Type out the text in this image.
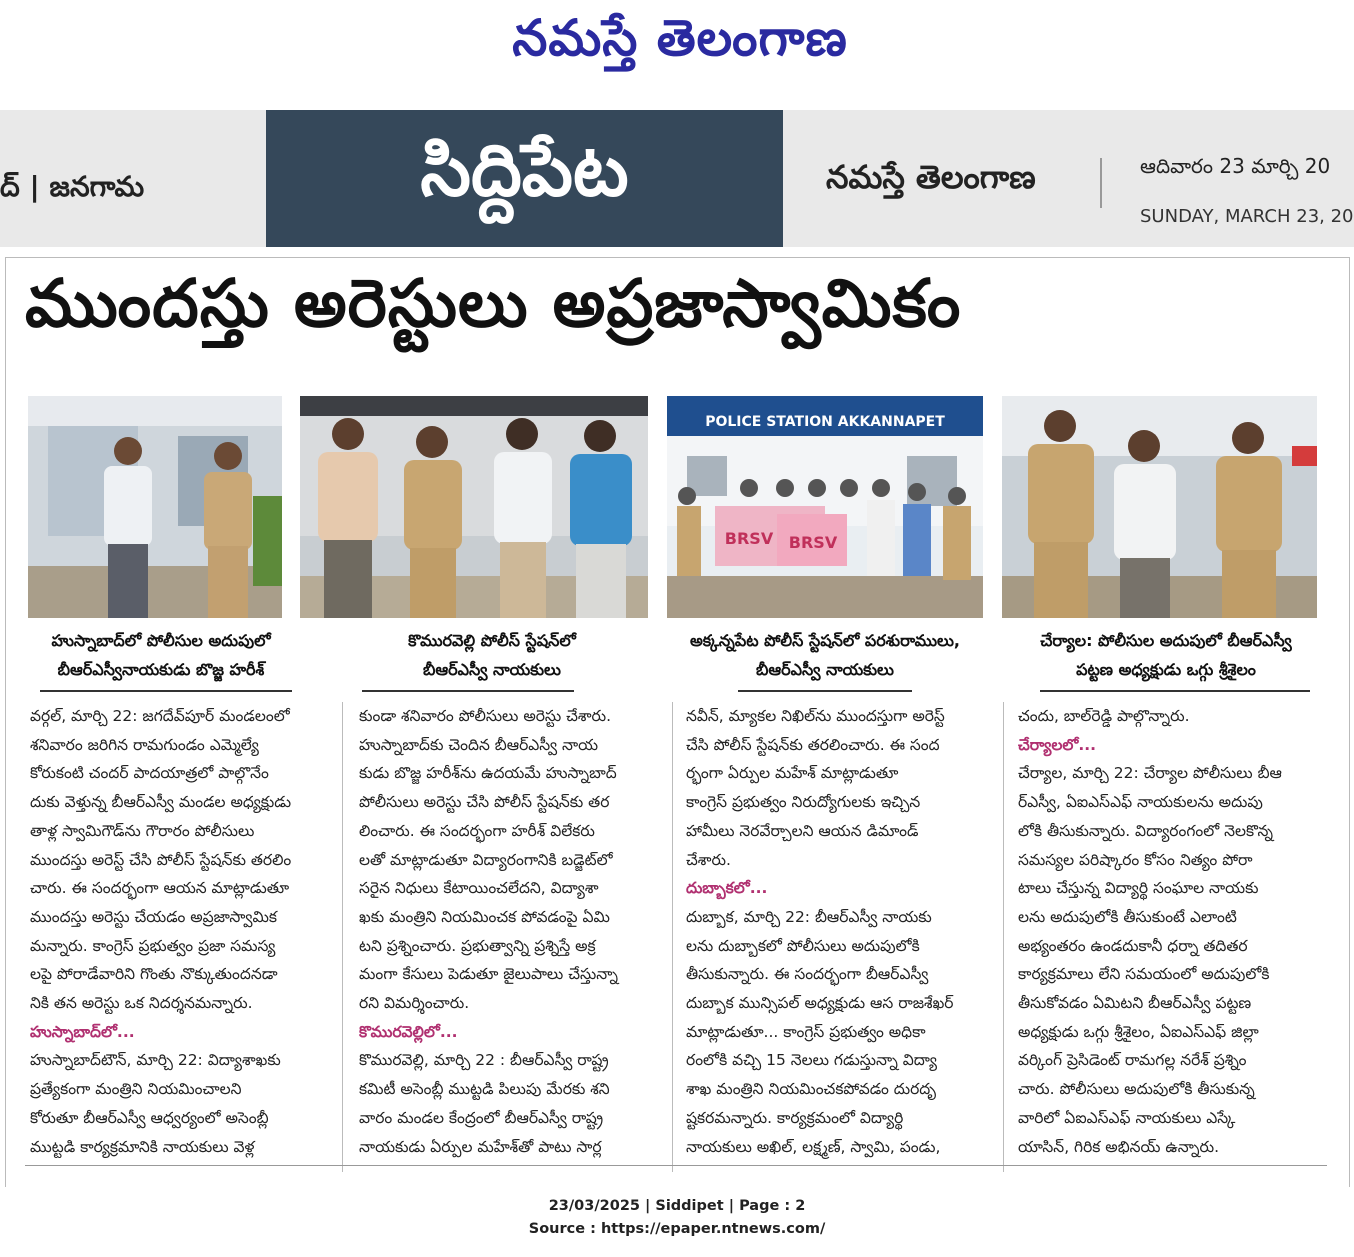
నమస్తే తెలంగాణ
ద్ | జనగామ	సిద్దిపేట	నమస్తే తెలంగాణ	ఆదివారం 23 మార్చి 20
SUNDAY, MARCH 23, 20
ముందస్తు అరెస్టులు అప్రజాస్వామికం
POLICE STATION AKKANNAPET
BRSV BRSV
హుస్నాబాద్‌లో పోలీసుల అదుపులో
బీఆర్‌ఎస్వీనాయకుడు బొజ్జ హరీశ్
కొమురవెల్లి పోలీస్ స్టేషన్‌లో
బీఆర్‌ఎస్వీ నాయకులు
అక్కన్నపేట పోలీస్ స్టేషన్‌లో పరశురాములు,
బీఆర్‌ఎస్వీ నాయకులు
చేర్యాల: పోలీసుల అదుపులో బీఆర్‌ఎస్వీ
పట్టణ అధ్యక్షుడు ఒగ్గు శ్రీశైలం

వర్గల్, మార్చి 22: జగదేవ్‌పూర్ మండలంలో

శనివారం జరిగిన రామగుండం ఎమ్మెల్యే

కోరుకంటి చందర్ పాదయాత్రలో పాల్గొనేం

దుకు వెళ్తున్న బీఆర్‌ఎస్వీ మండల అధ్యక్షుడు

తాళ్ల స్వామిగౌడ్‌ను గౌరారం పోలీసులు

ముందస్తు అరెస్ట్ చేసి పోలీస్ స్టేషన్‌కు తరలిం

చారు. ఈ సందర్భంగా ఆయన మాట్లాడుతూ

ముందస్తు అరెస్టు చేయడం అప్రజాస్వామిక

మన్నారు. కాంగ్రెస్ ప్రభుత్వం ప్రజా సమస్య

లపై పోరాడేవారిని గొంతు నొక్కుతుందనడా

నికి తన అరెస్టు ఒక నిదర్శనమన్నారు.

హుస్నాబాద్‌లో...

హుస్నాబాద్‌టౌన్, మార్చి 22: విద్యాశాఖకు

ప్రత్యేకంగా మంత్రిని నియమించాలని

కోరుతూ బీఆర్‌ఎస్వీ ఆధ్వర్యంలో అసెంబ్లీ

ముట్టడి కార్యక్రమానికి నాయకులు వెళ్ల

కుండా శనివారం పోలీసులు అరెస్టు చేశారు.

హుస్నాబాద్‌కు చెందిన బీఆర్‌ఎస్వీ నాయ

కుడు బొజ్జ హరీశ్‌ను ఉదయమే హుస్నాబాద్

పోలీసులు అరెస్టు చేసి పోలీస్ స్టేషన్‌కు తర

లించారు. ఈ సందర్భంగా హరీశ్ విలేకరు

లతో మాట్లాడుతూ విద్యారంగానికి బడ్జెట్‌లో

సరైన నిధులు కేటాయించలేదని, విద్యాశా

ఖకు మంత్రిని నియమించక పోవడంపై ఏమి

టని ప్రశ్నించారు. ప్రభుత్వాన్ని ప్రశ్నిస్తే అక్ర

మంగా కేసులు పెడుతూ జైలుపాలు చేస్తున్నా

రని విమర్శించారు.

కొమురవెల్లిలో...

కొమురవెల్లి, మార్చి 22 : బీఆర్‌ఎస్వీ రాష్ట్ర

కమిటీ అసెంబ్లీ ముట్టడి పిలుపు మేరకు శని

వారం మండల కేంద్రంలో బీఆర్‌ఎస్వీ రాష్ట్ర

నాయకుడు ఏర్పుల మహేశ్‌తో పాటు సార్ల

నవీన్, మ్యాకల నిఖిల్‌ను ముందస్తుగా అరెస్ట్

చేసి పోలీస్ స్టేషన్‌కు తరలించారు. ఈ సంద

ర్భంగా ఏర్పుల మహేశ్ మాట్లాడుతూ

కాంగ్రెస్ ప్రభుత్వం నిరుద్యోగులకు ఇచ్చిన

హామీలు నెరవేర్చాలని ఆయన డిమాండ్

చేశారు.

దుబ్బాకలో...

దుబ్బాక, మార్చి 22: బీఆర్‌ఎస్వీ నాయకు

లను దుబ్బాకలో పోలీసులు అదుపులోకి

తీసుకున్నారు. ఈ సందర్భంగా బీఆర్‌ఎస్వీ

దుబ్బాక మున్సిపల్ అధ్యక్షుడు ఆస రాజశేఖర్

మాట్లాడుతూ... కాంగ్రెస్ ప్రభుత్వం అధికా

రంలోకి వచ్చి 15 నెలలు గడుస్తున్నా విద్యా

శాఖ మంత్రిని నియమించకపోవడం దురదృ

ష్టకరమన్నారు. కార్యక్రమంలో విద్యార్థి

నాయకులు అఖిల్, లక్ష్మణ్, స్వామి, పండు,

చందు, బాల్‌రెడ్డి పాల్గొన్నారు.

చేర్యాలలో...

చేర్యాల, మార్చి 22: చేర్యాల పోలీసులు బీఆ

ర్‌ఎస్వీ, ఏఐఎస్‌ఎఫ్ నాయకులను అదుపు

లోకి తీసుకున్నారు. విద్యారంగంలో నెలకొన్న

సమస్యల పరిష్కారం కోసం నిత్యం పోరా

టాలు చేస్తున్న విద్యార్థి సంఘాల నాయకు

లను అదుపులోకి తీసుకుంటే ఎలాంటి

అభ్యంతరం ఉండదుకానీ ధర్నా తదితర

కార్యక్రమాలు లేని సమయంలో అదుపులోకి

తీసుకోవడం ఏమిటని బీఆర్‌ఎస్వీ పట్టణ

అధ్యక్షుడు ఒగ్గు శ్రీశైలం, ఏఐఎస్‌ఎఫ్ జిల్లా

వర్కింగ్ ప్రెసిడెంట్ రామగల్ల నరేశ్ ప్రశ్నిం

చారు. పోలీసులు అదుపులోకి తీసుకున్న

వారిలో ఏఐఎస్‌ఎఫ్ నాయకులు ఎస్కే

యాసిన్, గిరిక అభినయ్ ఉన్నారు.

23/03/2025 | Siddipet | Page : 2
Source : https://epaper.ntnews.com/
